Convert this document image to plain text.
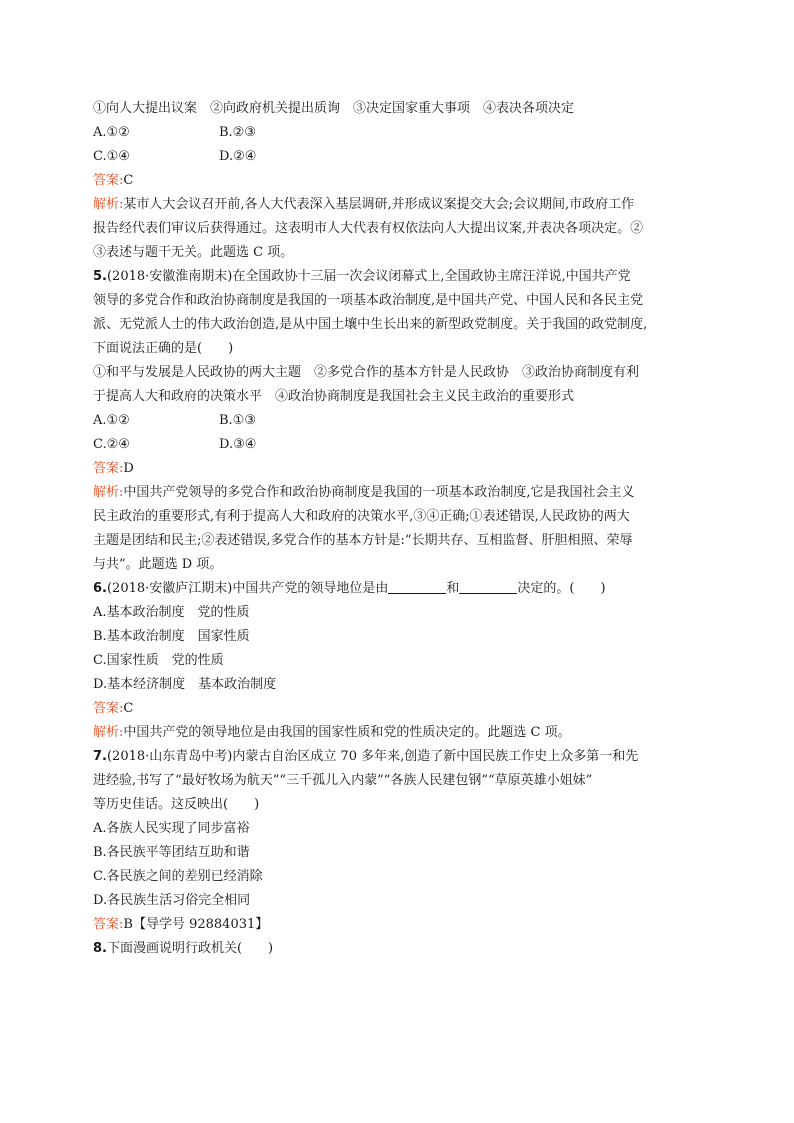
①向人大提出议案　②向政府机关提出质询　③决定国家重大事项　④表决各项决定
A.①②	B.②③
C.①④	D.②④
答案:C
解析:某市人大会议召开前,各人大代表深入基层调研,并形成议案提交大会;会议期间,市政府工作
报告经代表们审议后获得通过。这表明市人大代表有权依法向人大提出议案,并表决各项决定。②
③表述与题干无关。此题选 C 项。
5.(2018·安徽淮南期末)在全国政协十三届一次会议闭幕式上,全国政协主席汪洋说,中国共产党
领导的多党合作和政治协商制度是我国的一项基本政治制度,是中国共产党、中国人民和各民主党
派、无党派人士的伟大政治创造,是从中国土壤中生长出来的新型政党制度。关于我国的政党制度,
下面说法正确的是(　　)
①和平与发展是人民政协的两大主题　②多党合作的基本方针是人民政协　③政治协商制度有利
于提高人大和政府的决策水平　④政治协商制度是我国社会主义民主政治的重要形式
A.①②	B.①③
C.②④	D.③④
答案:D
解析:中国共产党领导的多党合作和政治协商制度是我国的一项基本政治制度,它是我国社会主义
民主政治的重要形式,有利于提高人大和政府的决策水平,③④正确;①表述错误,人民政协的两大
主题是团结和民主;②表述错误,多党合作的基本方针是:“长期共存、互相监督、肝胆相照、荣辱
与共”。此题选 D 项。
6.(2018·安徽庐江期末)中国共产党的领导地位是由	和	决定的。(　　)
A.基本政治制度　党的性质
B.基本政治制度　国家性质
C.国家性质　党的性质
D.基本经济制度　基本政治制度
答案:C
解析:中国共产党的领导地位是由我国的国家性质和党的性质决定的。此题选 C 项。
7.(2018·山东青岛中考)内蒙古自治区成立 70 多年来,创造了新中国民族工作史上众多第一和先
进经验,书写了“最好牧场为航天”“三千孤儿入内蒙”“各族人民建包钢”“草原英雄小姐妹”
等历史佳话。这反映出(　　)
A.各族人民实现了同步富裕
B.各民族平等团结互助和谐
C.各民族之间的差别已经消除
D.各民族生活习俗完全相同
答案:B【导学号 92884031】
8.下面漫画说明行政机关(　　)
